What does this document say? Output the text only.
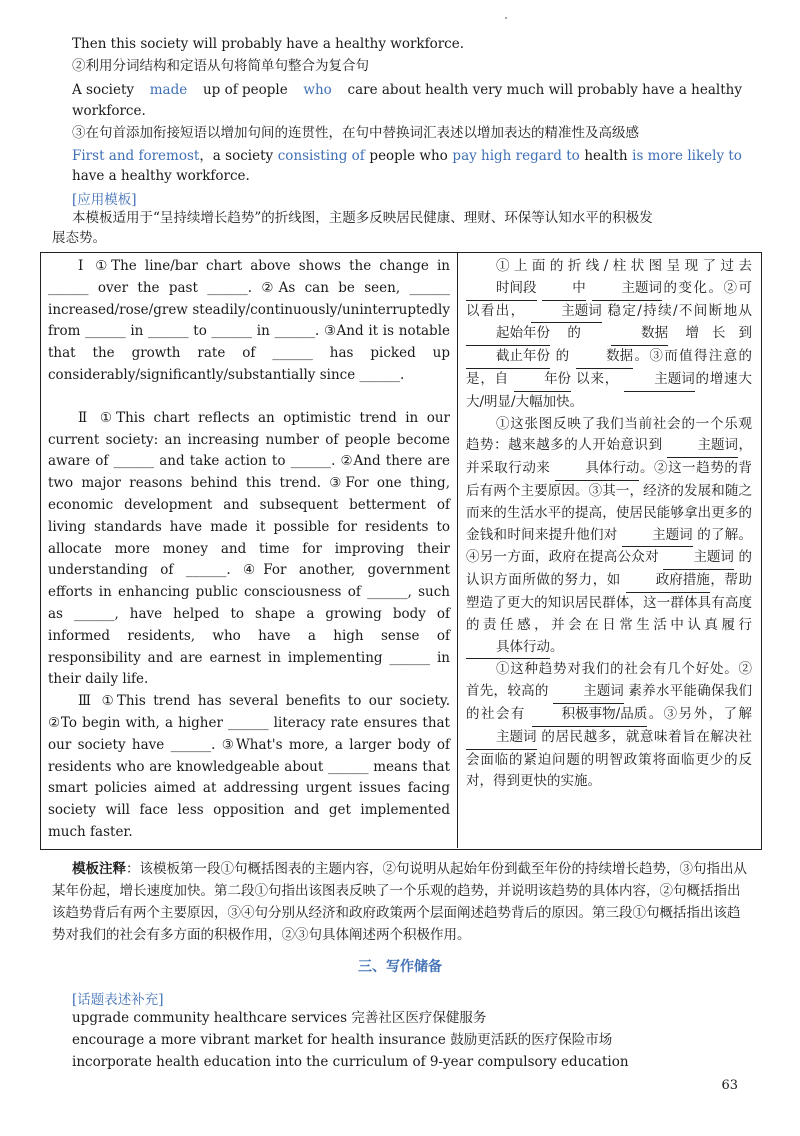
Then this society will probably have a healthy workforce.
②利用分词结构和定语从句将简单句整合为复合句
A society made up of people who care about health very much will probably have a healthy
workforce.
③在句首添加衔接短语以增加句间的连贯性，在句中替换词汇表述以增加表达的精准性及高级感
First and foremost，a society consisting of people who pay high regard to health is more likely to
have a healthy workforce.
[应用模板]
本模板适用于“呈持续增长趋势”的折线图，主题多反映居民健康、理财、环保等认知水平的积极发
展态势。

Ⅰ ①The line/bar chart above shows the change in ______ over the past ______. ②As can be seen, ______ increased/rose/grew steadily/continuously/uninterruptedly from ______ in ______ to ______ in ______. ③And it is notable that the growth rate of ______ has picked up considerably/significantly/substantially since ______.

Ⅱ ①This chart reflects an optimistic trend in our current society: an increasing number of people become aware of ______ and take action to ______. ②And there are two major reasons behind this trend. ③For one thing, economic development and subsequent betterment of living standards have made it possible for residents to allocate more money and time for improving their understanding of ______. ④For another, government efforts in enhancing public consciousness of ______, such as ______, have helped to shape a growing body of informed residents, who have a high sense of responsibility and are earnest in implementing ______ in their daily life.

Ⅲ ①This trend has several benefits to our society. ②To begin with, a higher ______ literacy rate ensures that our society have ______. ③What's more, a larger body of residents who are knowledgeable about ______ means that smart policies aimed at addressing urgent issues facing society will face less opposition and get implemented much faster.

①上面的折线/柱状图呈现了过去 时间段	中	主题词的变化。②可以看出，	主题词 稳定/持续/不间断地从 起始年份 的	数据 增长到 截止年份 的	数据。③而值得注意的是，自	年份 以来，	主题词的增速大大/明显/大幅加快。

①这张图反映了我们当前社会的一个乐观趋势：越来越多的人开始意识到	主题词，并采取行动来	具体行动。②这一趋势的背后有两个主要原因。③其一，经济的发展和随之而来的生活水平的提高，使居民能够拿出更多的金钱和时间来提升他们对	主题词 的了解。④另一方面，政府在提高公众对	主题词 的认识方面所做的努力，如	政府措施，帮助塑造了更大的知识居民群体，这一群体具有高度的责任感，并会在日常生活中认真履行 具体行动。

①这种趋势对我们的社会有几个好处。②首先，较高的	主题词 素养水平能确保我们的社会有	积极事物/品质。③另外，了解 主题词 的居民越多，就意味着旨在解决社会面临的紧迫问题的明智政策将面临更少的反对，得到更快的实施。

模板注释：该模板第一段①句概括图表的主题内容，②句说明从起始年份到截至年份的持续增长趋势，③句指出从某年份起，增长速度加快。第二段①句指出该图表反映了一个乐观的趋势，并说明该趋势的具体内容，②句概括指出该趋势背后有两个主要原因，③④句分别从经济和政府政策两个层面阐述趋势背后的原因。第三段①句概括指出该趋势对我们的社会有多方面的积极作用，②③句具体阐述两个积极作用。
三、写作储备
[话题表述补充]
upgrade community healthcare services 完善社区医疗保健服务
encourage a more vibrant market for health insurance 鼓励更活跃的医疗保险市场
incorporate health education into the curriculum of 9-year compulsory education
63
